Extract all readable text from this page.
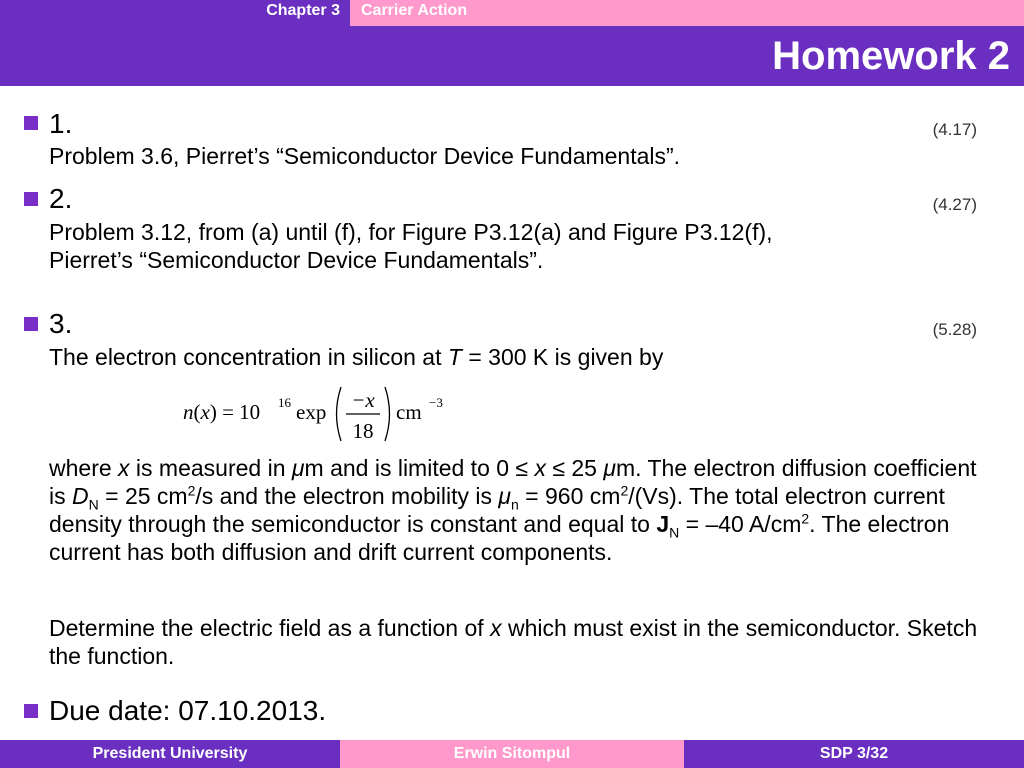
Chapter 3 Carrier Action
Homework 2
1.	(4.17)
Problem 3.6, Pierret’s “Semiconductor Device Fundamentals”.
2.	(4.27)
Problem 3.12, from (a) until (f), for Figure P3.12(a) and Figure P3.12(f),
Pierret’s “Semiconductor Device Fundamentals”.
3.	(5.28)
The electron concentration in silicon at T = 300 K is given by
n(x) = 10 16 exp −x
18
cm −3
where x is measured in μm and is limited to 0 ≤ x ≤ 25 μm. The electron diffusion coefficient is $D_N = 25$ $cm^2/s$ and the electron mobility is $\mu_n = 960$ $cm^2/(Vs)$. The total electron current density through the semiconductor is constant and equal to $J_N = -40$ $A/cm^2$. The electron current has both diffusion and drift current components.
Determine the electric field as a function of x which must exist in the semiconductor. Sketch the function.
Due date: 07.10.2013.
President University	Erwin Sitompul	SDP 3/32
